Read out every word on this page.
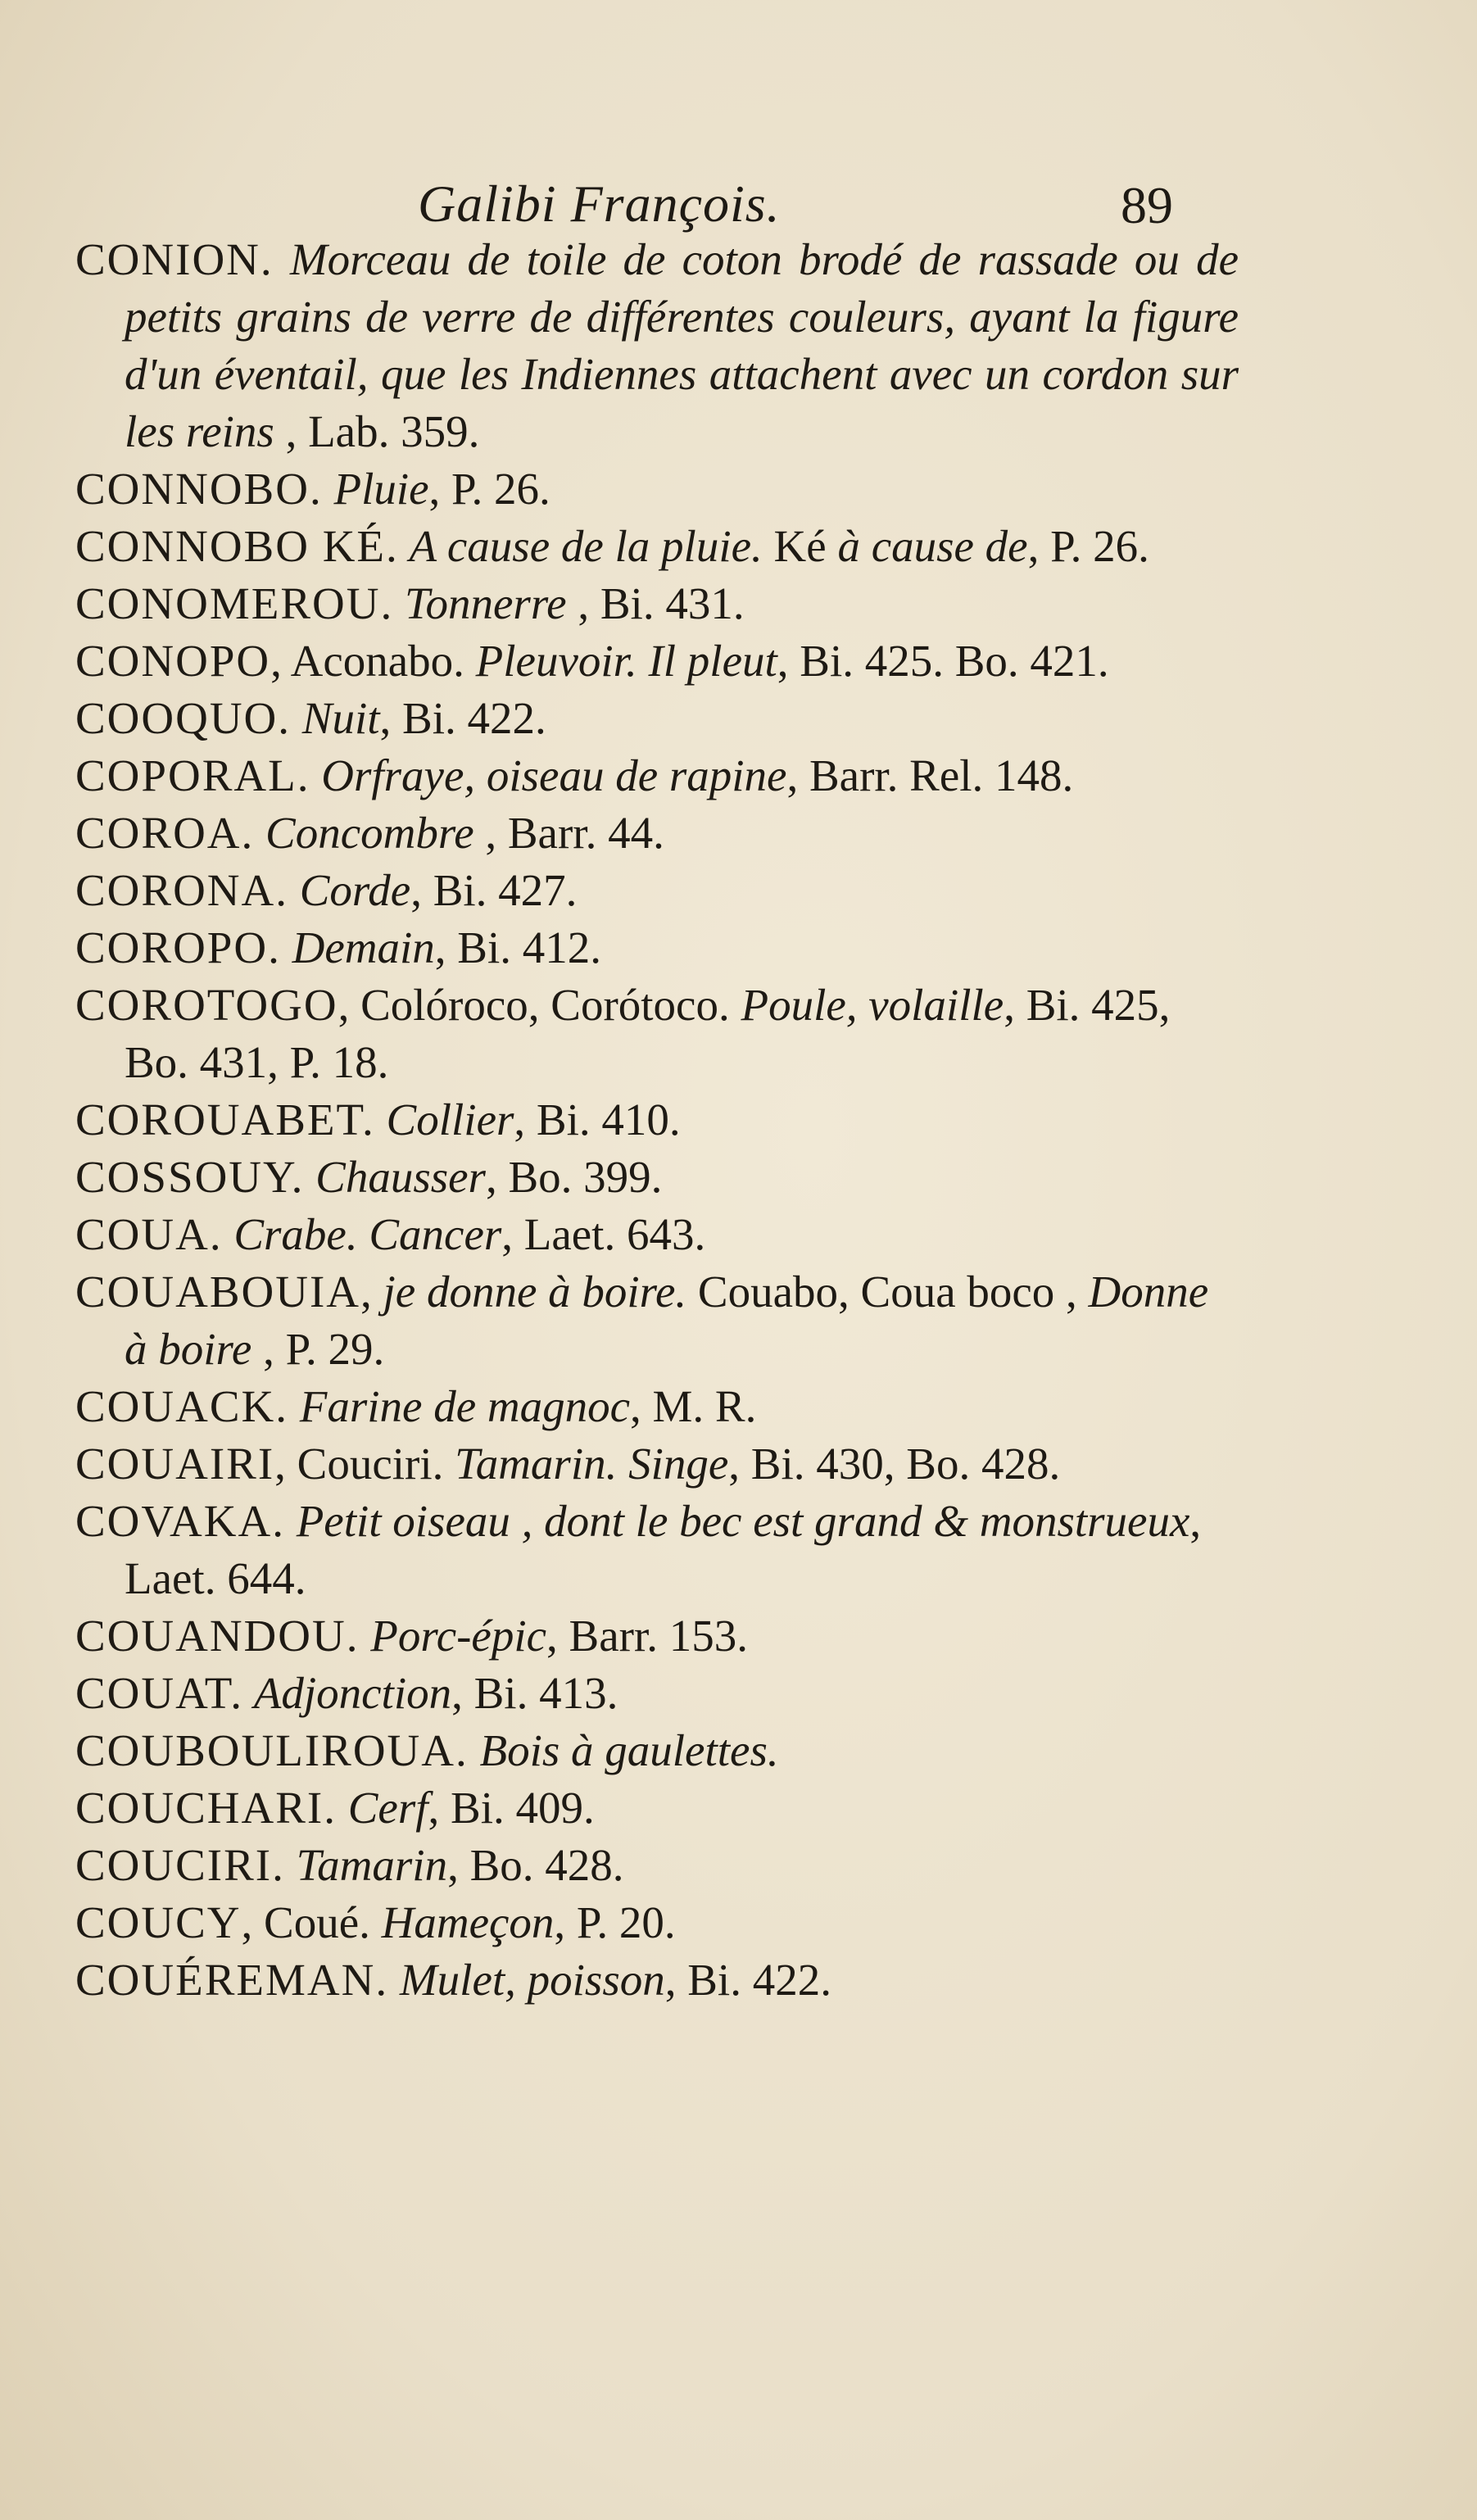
Galibi François.	89

CONION. Morceau de toile de coton brodé de rassade ou de petits grains de verre de différentes couleurs, ayant la figure d'un éventail, que les Indiennes attachent avec un cordon sur les reins , Lab. 359.

CONNOBO. Pluie, P. 26.

CONNOBO KÉ. A cause de la pluie. Ké à cause de, P. 26.

CONOMEROU. Tonnerre , Bi. 431.

CONOPO, Aconabo. Pleuvoir. Il pleut, Bi. 425. Bo. 421.

COOQUO. Nuit, Bi. 422.

COPORAL. Orfraye, oiseau de rapine, Barr. Rel. 148.

COROA. Concombre , Barr. 44.

CORONA. Corde, Bi. 427.

COROPO. Demain, Bi. 412.

COROTOGO, Colóroco, Corótoco. Poule, volaille, Bi. 425, Bo. 431, P. 18.

COROUABET. Collier, Bi. 410.

COSSOUY. Chausser, Bo. 399.

COUA. Crabe. Cancer, Laet. 643.

COUABOUIA, je donne à boire. Couabo, Coua boco , Donne à boire , P. 29.

COUACK. Farine de magnoc, M. R.

COUAIRI, Couciri. Tamarin. Singe, Bi. 430, Bo. 428.

COVAKA. Petit oiseau , dont le bec est grand & monstrueux, Laet. 644.

COUANDOU. Porc-épic, Barr. 153.

COUAT. Adjonction, Bi. 413.

COUBOULIROUA. Bois à gaulettes.

COUCHARI. Cerf, Bi. 409.

COUCIRI. Tamarin, Bo. 428.

COUCY, Coué. Hameçon, P. 20.

COUÉREMAN. Mulet, poisson, Bi. 422.
